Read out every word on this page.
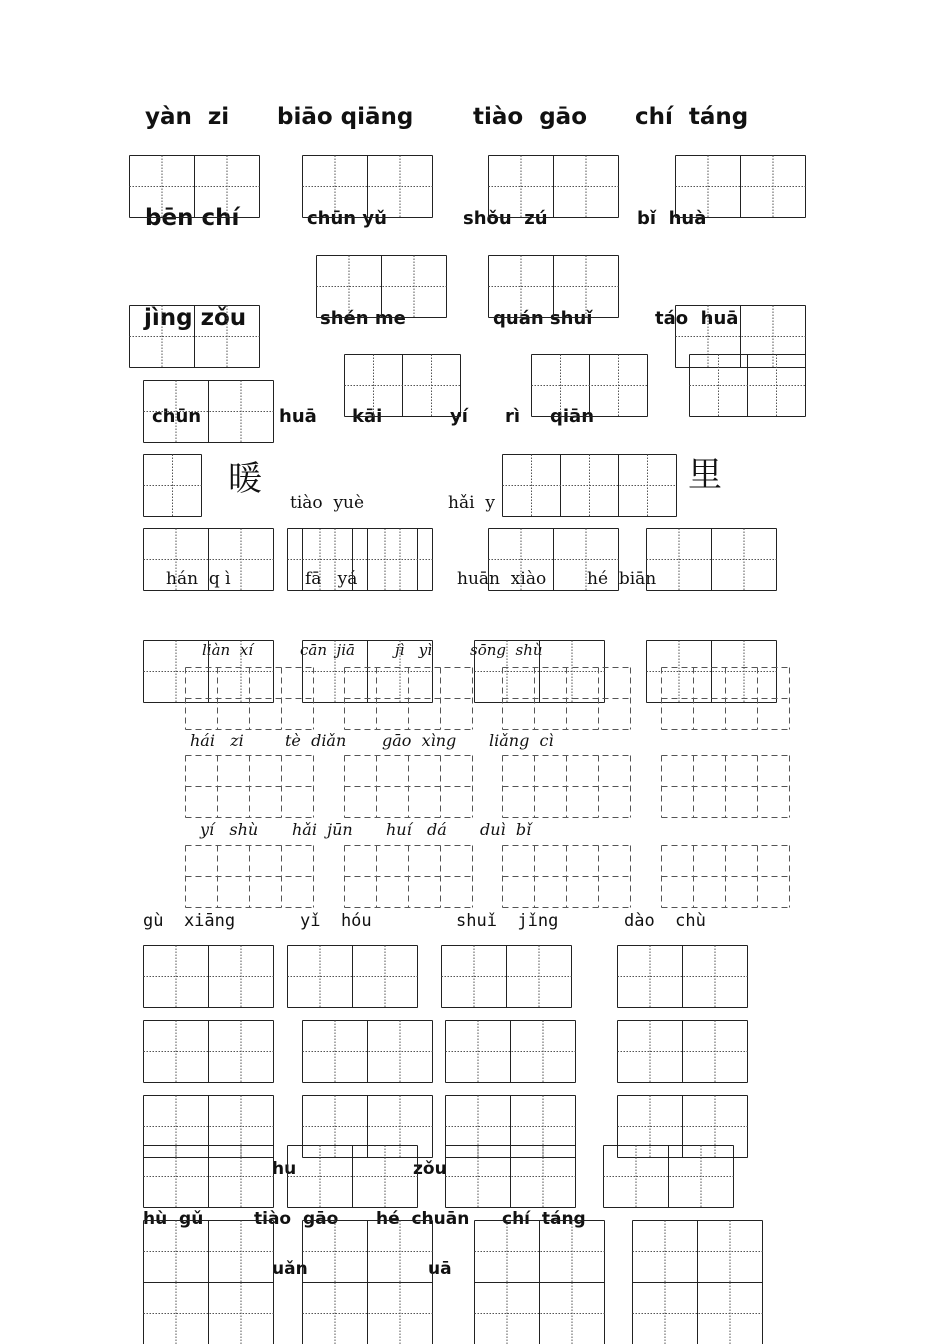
yàn  zi biāo qiāng	tiào  gāo chí  táng
bēn chí	chūn yǔ	shǒu  zú	bǐ  huà
jìng zǒu	shén me	quán shuǐ	táo  huā
chūn	huā kāi	yí rì qiān
暖	里
tiào  yuè	hǎi  y
hán  q ì	fā   yá	huān  xiào hé  biān
liàn  xí	cān  jiā	jì   yì	sōng  shù
hái   zi	tè  diǎn gāo  xìng liǎng  cì
yí   shù hǎi  jūn huí   dá duì  bǐ
gù  xiāng	yǐ  hóu	shuǐ  jǐng	dào  chù
hu	zǒu
hù  gǔ	tiào  gāo hé  chuān chí  táng
uǎn	uā
